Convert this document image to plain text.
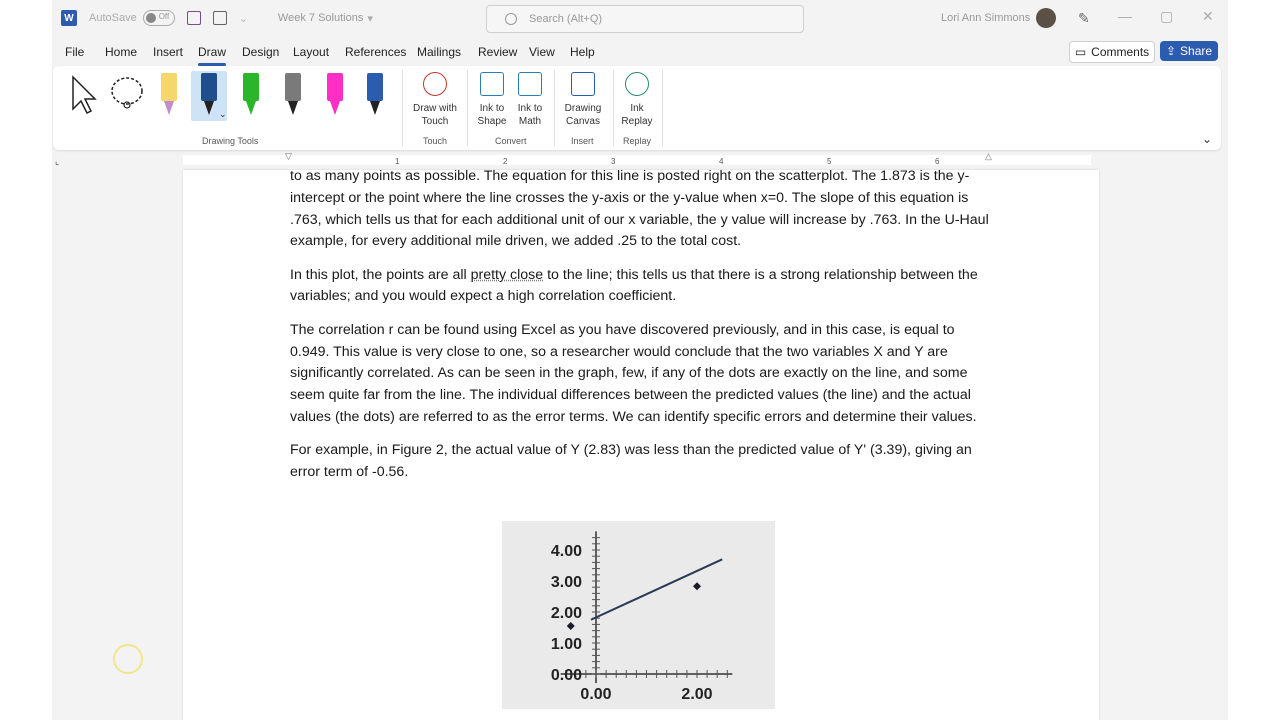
W AutoSave	Off	⌄	Week 7 Solutions ▾	Search (Alt+Q)	Lori Ann Simmons	✎ — ▢ ✕
File Home Insert Draw Design Layout References Mailings Review View Help	▭ Comments ⇪ Share
⌄
Drawing Tools
Draw with
Touch
Touch
Ink to
Shape
Ink to
Math
Convert
Drawing
Canvas
Insert
Ink
Replay
Replay	⌄
⌞	1	2	3	4	5	6
▽	△

to as many points as possible. The equation for this line is posted right on the scatterplot. The 1.873 is the y-intercept or the point where the line crosses the y-axis or the y-value when x=0. The slope of this equation is .763, which tells us that for each additional unit of our x variable, the y value will increase by .763. In the U-Haul example, for every additional mile driven, we added .25 to the total cost.

In this plot, the points are all pretty close to the line; this tells us that there is a strong relationship between the variables; and you would expect a high correlation coefficient.

The correlation r can be found using Excel as you have discovered previously, and in this case, is equal to 0.949. This value is very close to one, so a researcher would conclude that the two variables X and Y are significantly correlated. As can be seen in the graph, few, if any of the dots are exactly on the line, and some seem quite far from the line. The individual differences between the predicted values (the line) and the actual values (the dots) are referred to as the error terms. We can identify specific errors and determine their values.

For example, in Figure 2, the actual value of Y (2.83) was less than the predicted value of Y' (3.39), giving an error term of -0.56.

4.00
3.00
2.00
1.00
0.00
0.00	2.00
